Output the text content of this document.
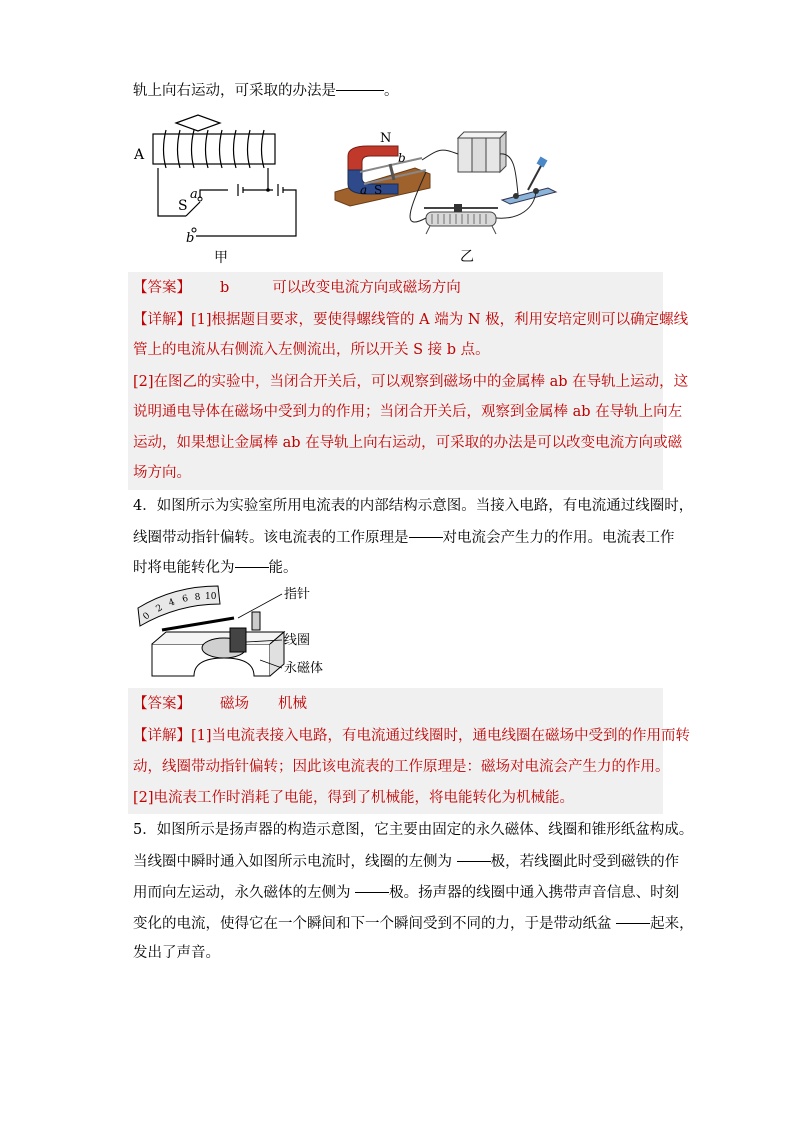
轨上向右运动，可采取的办法是	。
A
S
a
b
甲
N
b
a S
乙
【答案】 b	可以改变电流方向或磁场方向
【详解】[1]根据题目要求，要使得螺线管的 A 端为 N 极，利用安培定则可以确定螺线
管上的电流从右侧流入左侧流出，所以开关 S 接 b 点。
[2]在图乙的实验中，当闭合开关后，可以观察到磁场中的金属棒 ab 在导轨上运动，这
说明通电导体在磁场中受到力的作用；当闭合开关后，观察到金属棒 ab 在导轨上向左
运动，如果想让金属棒 ab 在导轨上向右运动，可采取的办法是可以改变电流方向或磁
场方向。
4．如图所示为实验室所用电流表的内部结构示意图。当接入电路，有电流通过线圈时，
线圈带动指针偏转。该电流表的工作原理是 对电流会产生力的作用。电流表工作
时将电能转化为 能。
0
2 4 6 8 10	指针
线圈
永磁体
【答案】 磁场 机械
【详解】[1]当电流表接入电路，有电流通过线圈时，通电线圈在磁场中受到的作用而转
动，线圈带动指针偏转；因此该电流表的工作原理是：磁场对电流会产生力的作用。
[2]电流表工作时消耗了电能，得到了机械能，将电能转化为机械能。
5．如图所示是扬声器的构造示意图，它主要由固定的永久磁体、线圈和锥形纸盆构成。
当线圈中瞬时通入如图所示电流时，线圈的左侧为 极，若线圈此时受到磁铁的作
用而向左运动，永久磁体的左侧为 极。扬声器的线圈中通入携带声音信息、时刻
变化的电流，使得它在一个瞬间和下一个瞬间受到不同的力，于是带动纸盆 起来，
发出了声音。
